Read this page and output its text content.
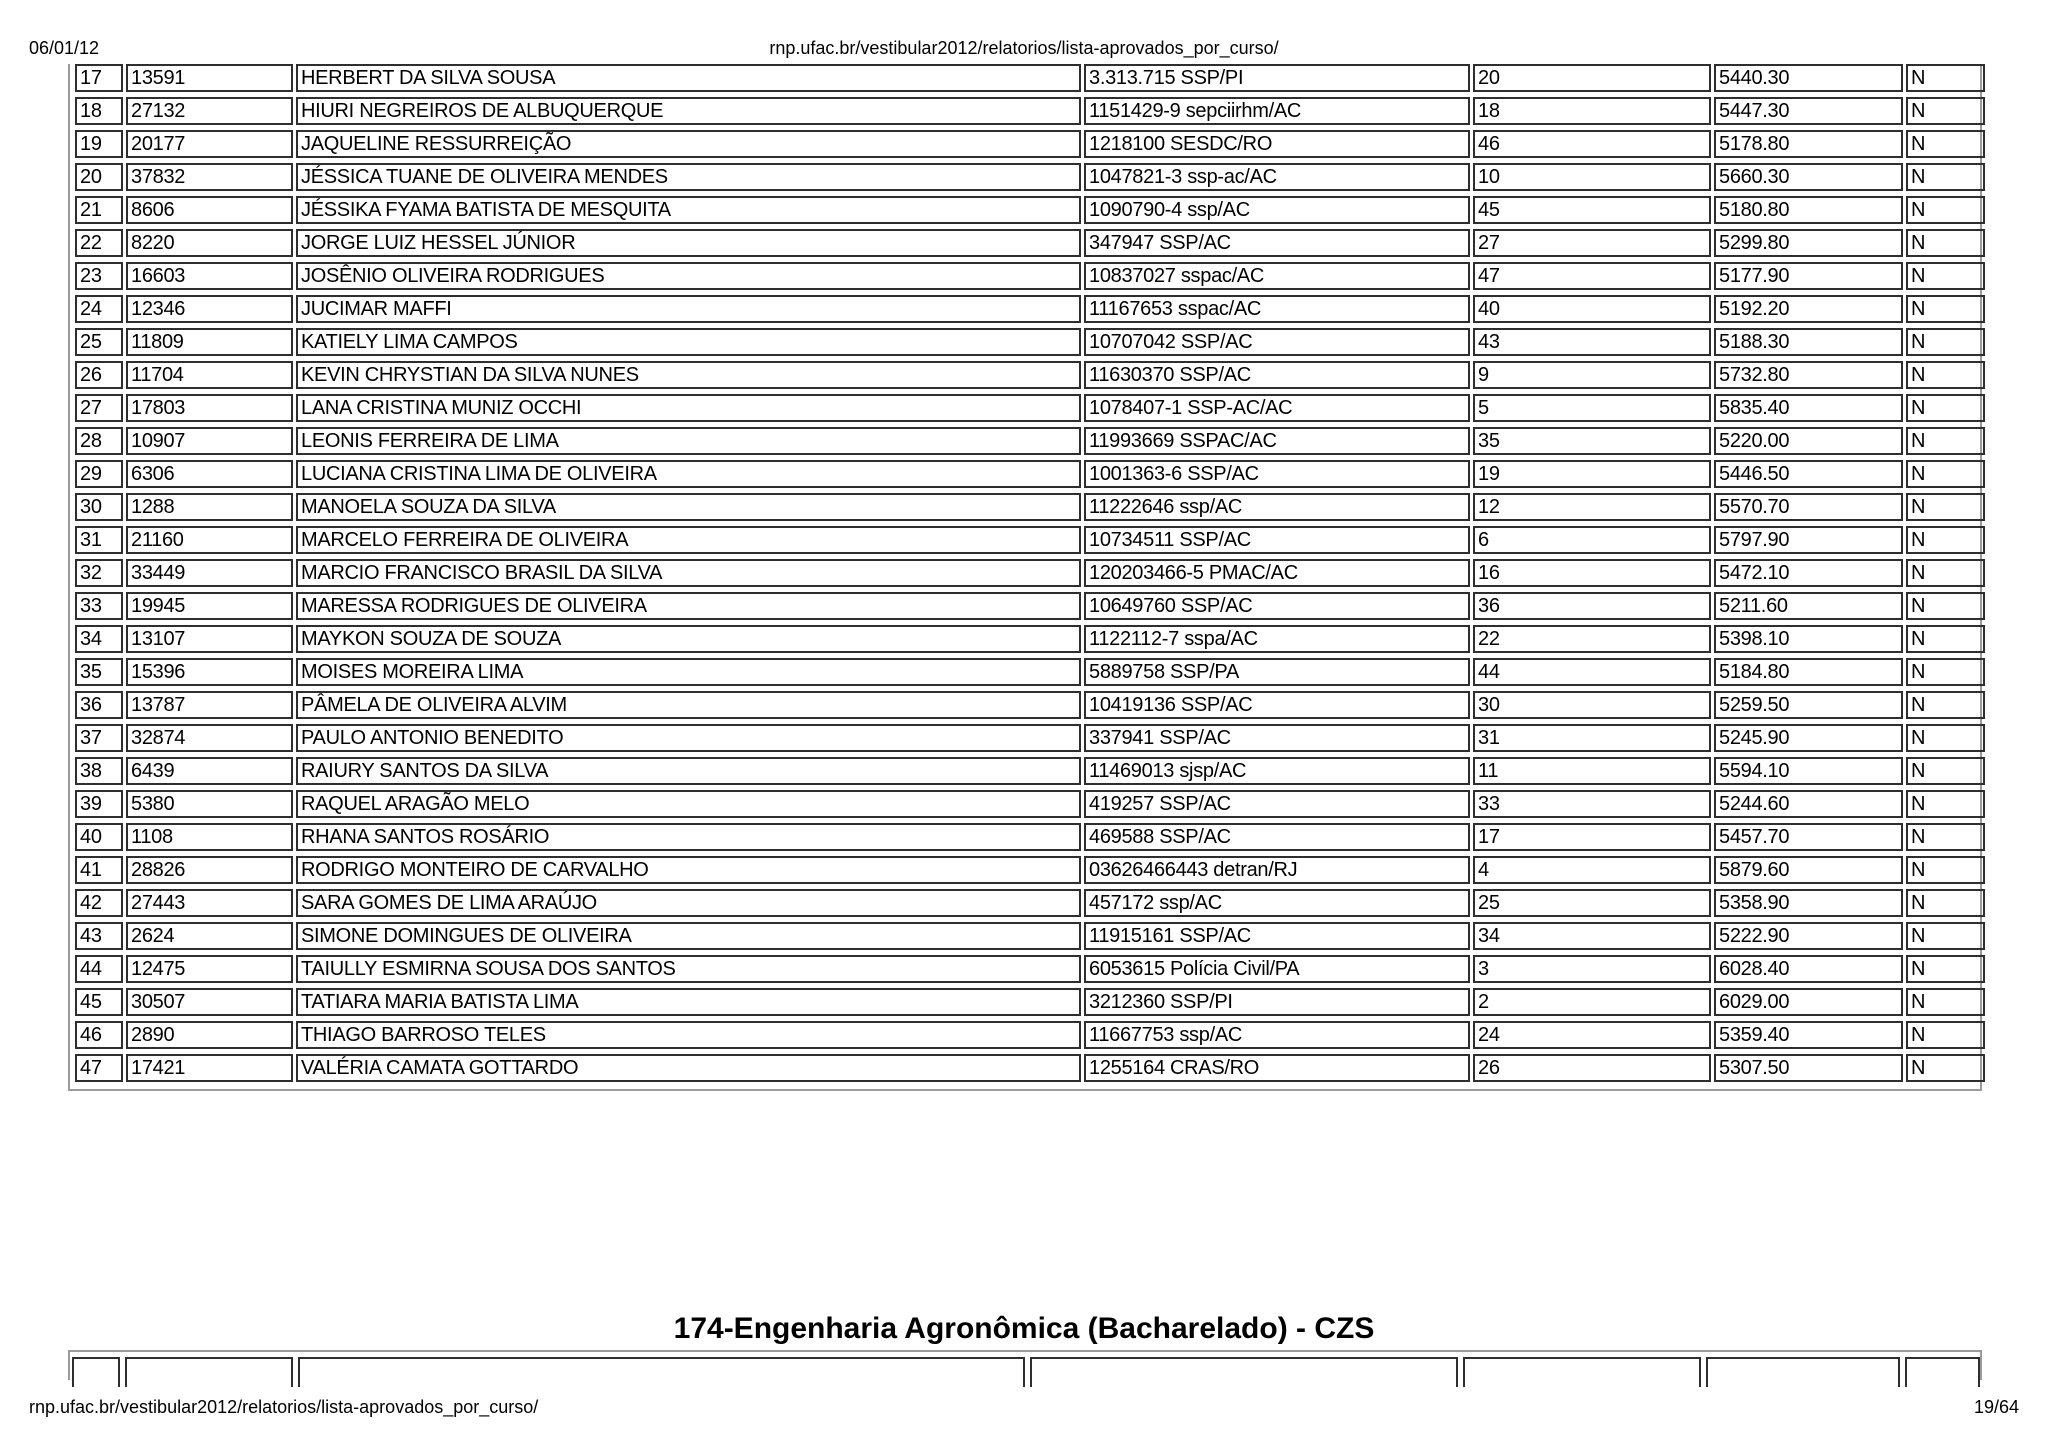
06/01/12	rnp.ufac.br/vestibular2012/relatorios/lista-aprovados_por_curso/
17	13591	HERBERT DA SILVA SOUSA	3.313.715 SSP/PI	20	5440.30	N
18	27132	HIURI NEGREIROS DE ALBUQUERQUE	1151429-9 sepciirhm/AC	18	5447.30	N
19	20177	JAQUELINE RESSURREIÇÃO	1218100 SESDC/RO	46	5178.80	N
20	37832	JÉSSICA TUANE DE OLIVEIRA MENDES	1047821-3 ssp-ac/AC	10	5660.30	N
21	8606	JÉSSIKA FYAMA BATISTA DE MESQUITA	1090790-4 ssp/AC	45	5180.80	N
22	8220	JORGE LUIZ HESSEL JÚNIOR	347947 SSP/AC	27	5299.80	N
23	16603	JOSÊNIO OLIVEIRA RODRIGUES	10837027 sspac/AC	47	5177.90	N
24	12346	JUCIMAR MAFFI	11167653 sspac/AC	40	5192.20	N
25	11809	KATIELY LIMA CAMPOS	10707042 SSP/AC	43	5188.30	N
26	11704	KEVIN CHRYSTIAN DA SILVA NUNES	11630370 SSP/AC	9	5732.80	N
27	17803	LANA CRISTINA MUNIZ OCCHI	1078407-1 SSP-AC/AC	5	5835.40	N
28	10907	LEONIS FERREIRA DE LIMA	11993669 SSPAC/AC	35	5220.00	N
29	6306	LUCIANA CRISTINA LIMA DE OLIVEIRA	1001363-6 SSP/AC	19	5446.50	N
30	1288	MANOELA SOUZA DA SILVA	11222646 ssp/AC	12	5570.70	N
31	21160	MARCELO FERREIRA DE OLIVEIRA	10734511 SSP/AC	6	5797.90	N
32	33449	MARCIO FRANCISCO BRASIL DA SILVA	120203466-5 PMAC/AC	16	5472.10	N
33	19945	MARESSA RODRIGUES DE OLIVEIRA	10649760 SSP/AC	36	5211.60	N
34	13107	MAYKON SOUZA DE SOUZA	1122112-7 sspa/AC	22	5398.10	N
35	15396	MOISES MOREIRA LIMA	5889758 SSP/PA	44	5184.80	N
36	13787	PÂMELA DE OLIVEIRA ALVIM	10419136 SSP/AC	30	5259.50	N
37	32874	PAULO ANTONIO BENEDITO	337941 SSP/AC	31	5245.90	N
38	6439	RAIURY SANTOS DA SILVA	11469013 sjsp/AC	11	5594.10	N
39	5380	RAQUEL ARAGÃO MELO	419257 SSP/AC	33	5244.60	N
40	1108	RHANA SANTOS ROSÁRIO	469588 SSP/AC	17	5457.70	N
41	28826	RODRIGO MONTEIRO DE CARVALHO	03626466443 detran/RJ	4	5879.60	N
42	27443	SARA GOMES DE LIMA ARAÚJO	457172 ssp/AC	25	5358.90	N
43	2624	SIMONE DOMINGUES DE OLIVEIRA	11915161 SSP/AC	34	5222.90	N
44	12475	TAIULLY ESMIRNA SOUSA DOS SANTOS	6053615 Polícia Civil/PA	3	6028.40	N
45	30507	TATIARA MARIA BATISTA LIMA	3212360 SSP/PI	2	6029.00	N
46	2890	THIAGO BARROSO TELES	11667753 ssp/AC	24	5359.40	N
47	17421	VALÉRIA CAMATA GOTTARDO	1255164 CRAS/RO	26	5307.50	N
174-Engenharia Agronômica (Bacharelado) - CZS
rnp.ufac.br/vestibular2012/relatorios/lista-aprovados_por_curso/	19/64
